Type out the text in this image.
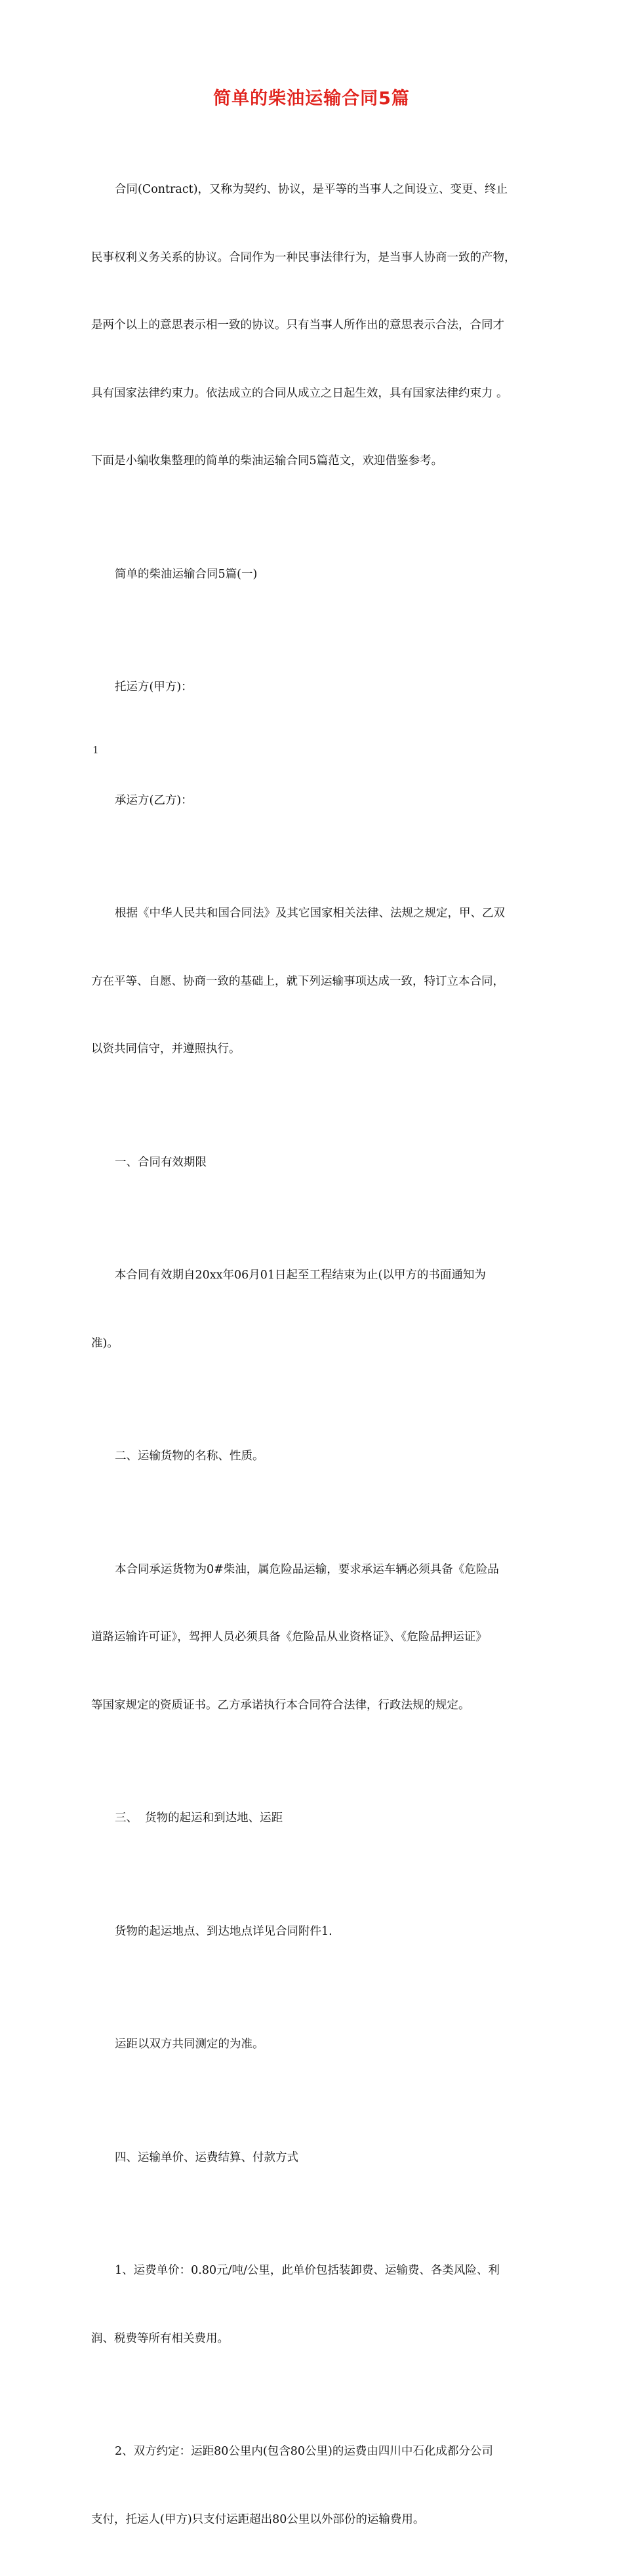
简单的柴油运输合同5篇

合同(Contract)，又称为契约、协议，是平等的当事人之间设立、变更、终止

民事权利义务关系的协议。合同作为一种民事法律行为，是当事人协商一致的产物，

是两个以上的意思表示相一致的协议。只有当事人所作出的意思表示合法，合同才

具有国家法律约束力。依法成立的合同从成立之日起生效，具有国家法律约束力 。

下面是小编收集整理的简单的柴油运输合同5篇范文，欢迎借鉴参考。

简单的柴油运输合同5篇(一)

托运方(甲方)：

承运方(乙方)：

根据《中华人民共和国合同法》及其它国家相关法律、法规之规定，甲、乙双

方在平等、自愿、协商一致的基础上，就下列运输事项达成一致，特订立本合同，

以资共同信守，并遵照执行。

一、合同有效期限

本合同有效期自20xx年06月01日起至工程结束为止(以甲方的书面通知为

准)。

二、运输货物的名称、性质。

本合同承运货物为0#柴油，属危险品运输，要求承运车辆必须具备《危险品

道路运输许可证》，驾押人员必须具备《危险品从业资格证》、《危险品押运证》

等国家规定的资质证书。乙方承诺执行本合同符合法律，行政法规的规定。

三、  货物的起运和到达地、运距

货物的起运地点、到达地点详见合同附件1.

运距以双方共同测定的为准。

四、运输单价、运费结算、付款方式

1、运费单价：0.80元/吨/公里，此单价包括装卸费、运输费、各类风险、利

润、税费等所有相关费用。

2、双方约定：运距80公里内(包含80公里)的运费由四川中石化成都分公司

支付，托运人(甲方)只支付运距超出80公里以外部份的运输费用。

1
